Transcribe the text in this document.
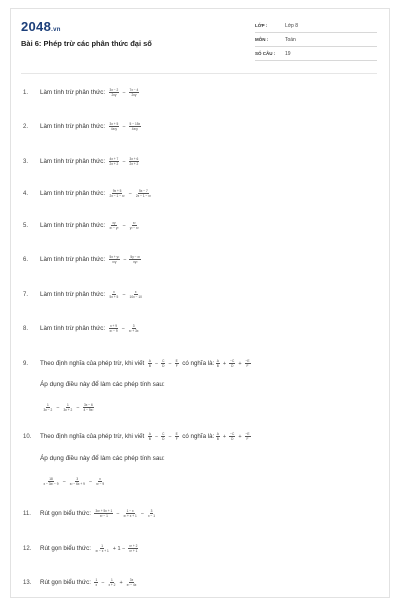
2048.vn
Bài 6: Phép trừ các phân thức đại số
LỚP :	Lớp 8
MÔN :	Toán
SỐ CÂU :	19
1.	Làm tính trừ phân thức: $\frac{3x - 2}{2xy} - \frac{7x - 4}{2xy}$
2.	Làm tính trừ phân thức: $\frac{3x + 5}{\text{4x²y}} - \frac{5 - 15x}{\text{4x²y}}$
3.	Làm tính trừ phân thức: $\frac{4x + 7}{2x + 2} - \frac{3x + 6}{2x + 2}$
4.	Làm tính trừ phân thức: $\frac{9x + 5}{\text{2x − 1 − x²}} - \frac{5x - 7}{\text{2x − 1 − x²}}$
5.	Làm tính trừ phân thức: $\frac{xy}{\text{x² − y²}} - \frac{\text{x²}}{\text{y² − x²}}$
6.	Làm tính trừ phân thức: $\frac{\text{5x + y²}}{\text{x²y}} - \frac{\text{5y − x²}}{\text{xy²}}$
7.	Làm tính trừ phân thức: $\frac{x}{5x + 5} - \frac{x}{10x - 10}$
8.	Làm tính trừ phân thức: $\frac{x + 9}{\text{x² − 9}} - \frac{3}{\text{x² + 3x}}$
9.	Theo định nghĩa của phép trừ, khi viết $\frac{A}{B} - \frac{C}{D} - \frac{E}{F}$ có nghĩa là: $\frac{A}{B} + \frac{-C}{D} + \frac{-E}{F}$
10.	Theo định nghĩa của phép trừ, khi viết $\frac{A}{B} - \frac{C}{D} - \frac{E}{F}$ có nghĩa là: $\frac{A}{B} + \frac{-C}{D} + \frac{-E}{F}$
11.	Rút gọn biểu thức: $\frac{\text{3x² + 5x + 1}}{\text{x³ − 1}} - \frac{1 - x}{\text{x² + x + 1}} - \frac{3}{x - 1}$
12.	Rút gọn biểu thức: $\frac{1}{\text{x² − x + 1}} + 1 - \frac{\text{x³ + 2}}{\text{x³ + 1}}$
13.	Rút gọn biểu thức: $\frac{1}{x} - \frac{1}{x + 2} + \frac{3x}{\text{x³ − 4x}}$
Áp dụng điều này để làm các phép tính sau:
$\frac{1}{3x - 2} - \frac{1}{3x + 2} - \frac{3x - 6}{\text{4 − 9x²}}$
Áp dụng điều này để làm các phép tính sau:
$\frac{18}{\text{x − 3x² − 9}} - \frac{3}{\text{x² − 6x + 9}} - \frac{x}{\text{x² − 9}}$
